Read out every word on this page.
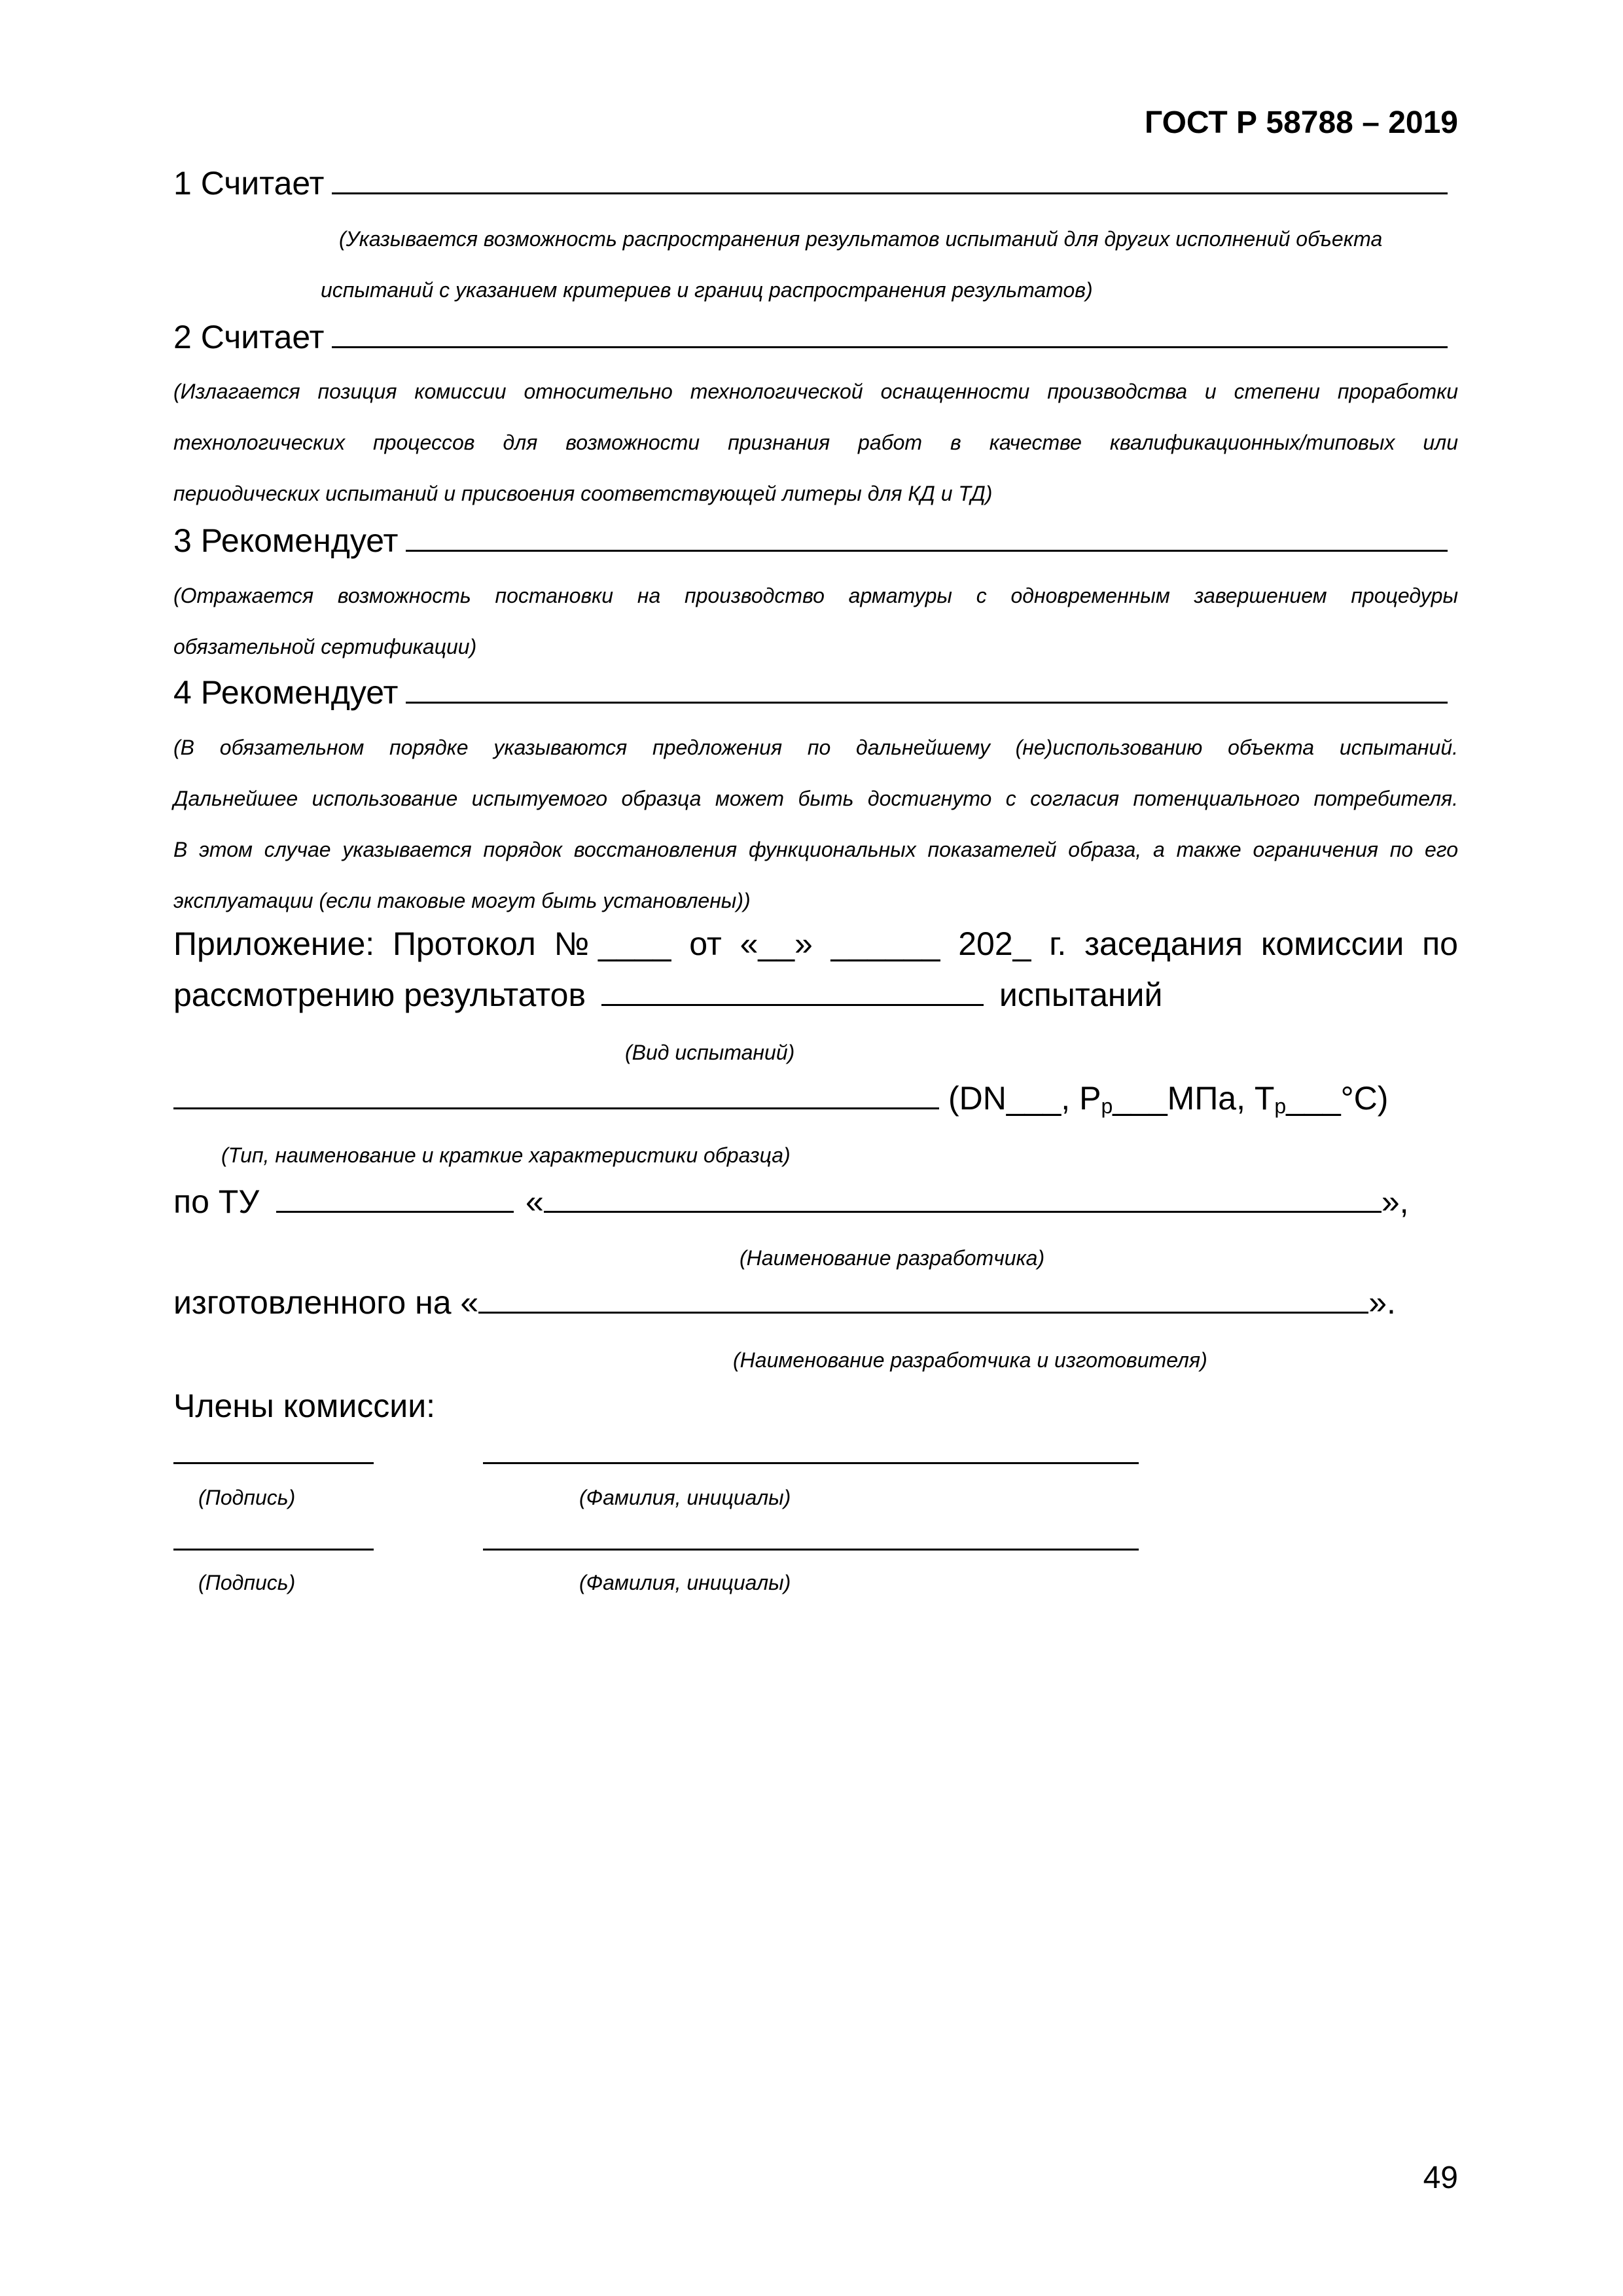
ГОСТ Р 58788 – 2019
1 Считает
(Указывается возможность распространения результатов испытаний для других исполнений объекта
испытаний с указанием критериев и границ распространения результатов)
2 Считает
(Излагается позиция комиссии относительно технологической оснащенности производства и степени проработки
технологических процессов для возможности признания работ в качестве квалификационных/типовых или
периодических испытаний и присвоения соответствующей литеры для КД и ТД)
3 Рекомендует
(Отражается возможность постановки на производство арматуры с одновременным завершением процедуры
обязательной сертификации)
4 Рекомендует
(В обязательном порядке указываются предложения по дальнейшему (не)использованию объекта испытаний.
Дальнейшее использование испытуемого образца может быть достигнуто с согласия потенциального потребителя.
В этом случае указывается порядок восстановления функциональных показателей образа, а также ограничения по его
эксплуатации (если таковые могут быть установлены))
Приложение: Протокол №____ от «__» ______ 202_ г. заседания комиссии по
рассмотрению результатов	испытаний
(Вид испытаний)
(DN___, Pp___МПа, Tp___°C)
(Тип, наименование и краткие характеристики образца)
по ТУ	«	»,
(Наименование разработчика)
изготовленного на «	».
(Наименование разработчика и изготовителя)
Члены комиссии:
(Подпись)	(Фамилия, инициалы)
(Подпись)	(Фамилия, инициалы)
49
